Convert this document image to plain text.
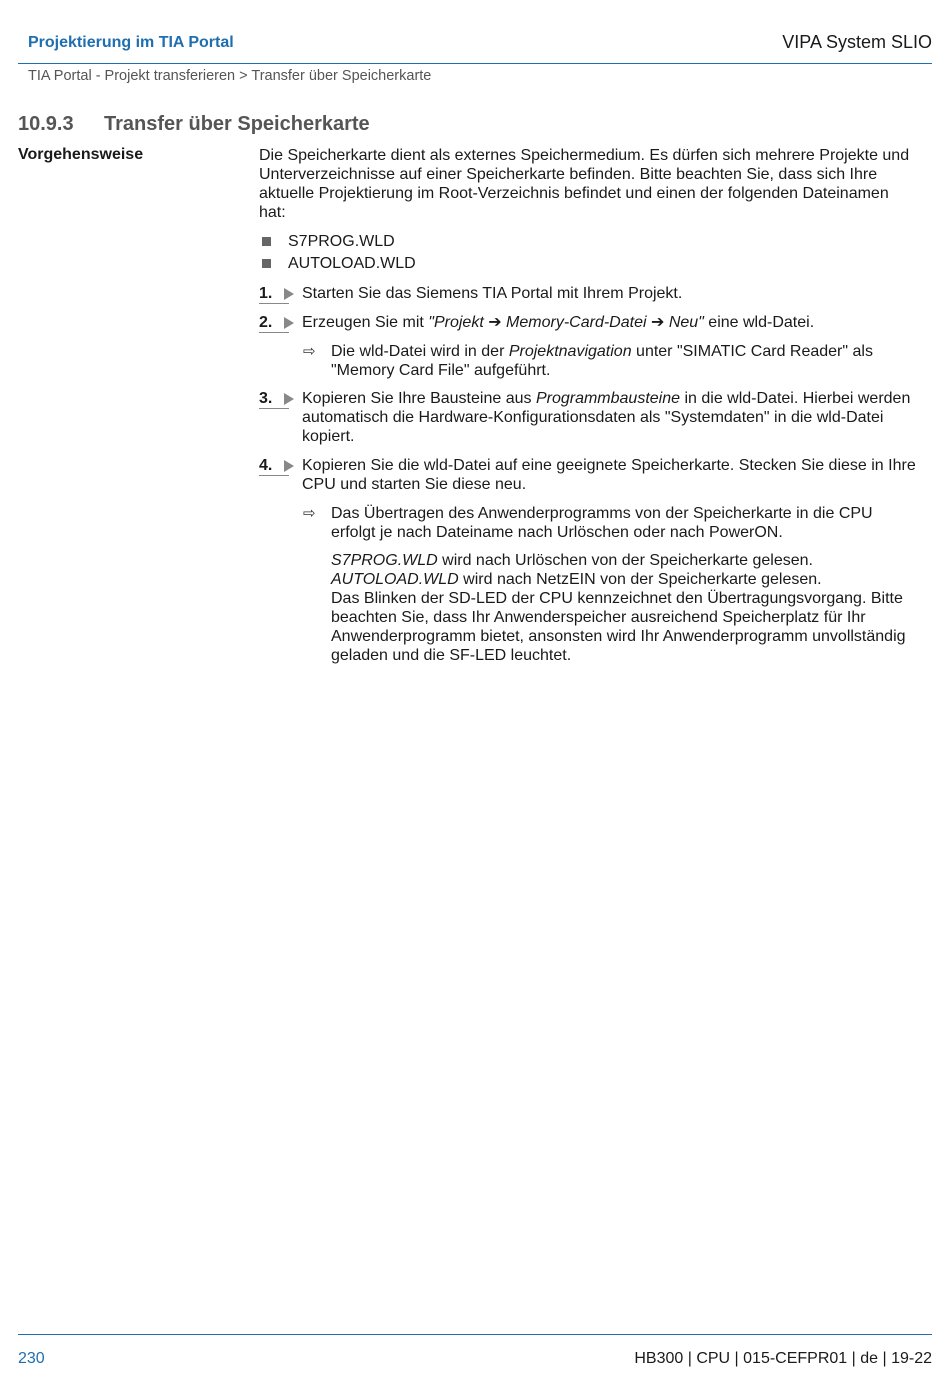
Projektierung im TIA Portal	VIPA System SLIO
TIA Portal - Projekt transferieren > Transfer über Speicherkarte
10.9.3 Transfer über Speicherkarte
Vorgehensweise	Die Speicherkarte dient als externes Speichermedium. Es dürfen sich mehrere Projekte und Unterverzeichnisse auf einer Speicherkarte befinden. Bitte beachten Sie, dass sich Ihre aktuelle Projektierung im Root-Verzeichnis befindet und einen der folgenden Dateinamen hat:

S7PROG.WLD
AUTOLOAD.WLD
1.	Starten Sie das Siemens TIA Portal mit Ihrem Projekt.
2.	Erzeugen Sie mit "Projekt ➔ Memory-Card-Datei ➔ Neu" eine wld-Datei.
⇨ Die wld-Datei wird in der Projektnavigation unter "SIMATIC Card Reader" als "Memory Card File" aufgeführt.
3.	Kopieren Sie Ihre Bausteine aus Programmbausteine in die wld-Datei. Hierbei werden automatisch die Hardware-Konfigurationsdaten als "Systemdaten" in die wld-Datei kopiert.
4.	Kopieren Sie die wld-Datei auf eine geeignete Speicherkarte. Stecken Sie diese in Ihre CPU und starten Sie diese neu.
⇨ Das Übertragen des Anwenderprogramms von der Speicherkarte in die CPU erfolgt je nach Dateiname nach Urlöschen oder nach PowerON.

S7PROG.WLD wird nach Urlöschen von der Speicherkarte gelesen.

AUTOLOAD.WLD wird nach NetzEIN von der Speicherkarte gelesen.

Das Blinken der SD-LED der CPU kennzeichnet den Übertragungsvorgang. Bitte beachten Sie, dass Ihr Anwenderspeicher ausreichend Speicherplatz für Ihr Anwenderprogramm bietet, ansonsten wird Ihr Anwenderprogramm unvollständig geladen und die SF-LED leuchtet.

230	HB300 | CPU | 015-CEFPR01 | de | 19-22
